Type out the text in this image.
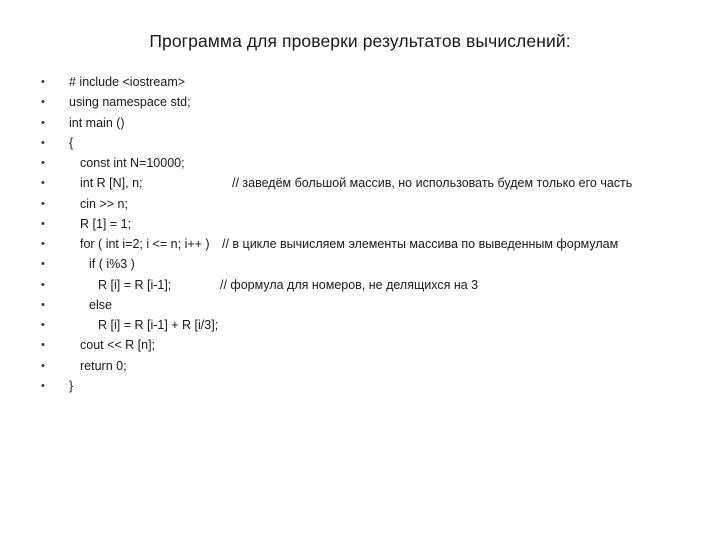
Программа для проверки результатов вычислений:

•

	# include <iostream>

•

	using namespace std;

•

	int main ()

•

	{

•

	const int N=10000;

•

	int R [N], n;

	// заведём большой массив, но использовать будем только его часть

•

	cin >> n;

•

	R [1] = 1;

•

	for ( int i=2; i <= n; i++ )

// в цикле вычисляем элементы массива по выведенным формулам

•

	if ( i%3 )

•

	R [i] = R [i-1];

	// формула для номеров, не делящихся на 3

•

	else

•

	R [i] = R [i-1] + R [i/3];

•

	cout << R [n];

•

	return 0;

•

	}
